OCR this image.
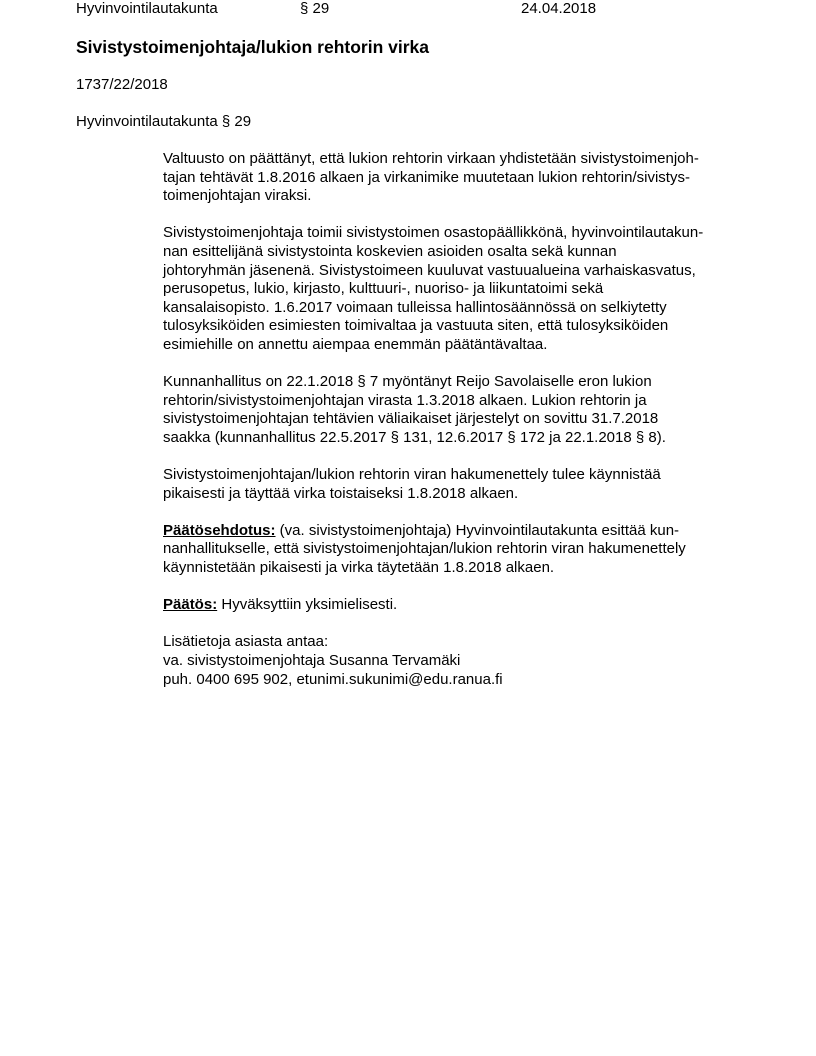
Hyvinvointilautakunta	§ 29	24.04.2018
Sivistystoimenjohtaja/lukion rehtorin virka
1737/22/2018
Hyvinvointilautakunta § 29

Valtuusto on päättänyt, että lukion rehtorin virkaan yhdistetään sivistystoimenjoh-
tajan tehtävät 1.8.2016 alkaen ja virkanimike muutetaan lukion rehtorin/sivistys-
toimenjohtajan viraksi.

Sivistystoimenjohtaja toimii sivistystoimen osastopäällikkönä, hyvinvointilautakun-
nan esittelijänä sivistystointa koskevien asioiden osalta sekä kunnan
johtoryhmän jäsenenä. Sivistystoimeen kuuluvat vastuualueina varhaiskasvatus,
perusopetus, lukio, kirjasto, kulttuuri-, nuoriso- ja liikuntatoimi sekä
kansalaisopisto. 1.6.2017 voimaan tulleissa hallintosäännössä on selkiytetty
tulosyksiköiden esimiesten toimivaltaa ja vastuuta siten, että tulosyksiköiden
esimiehille on annettu aiempaa enemmän päätäntävaltaa.

Kunnanhallitus on 22.1.2018 § 7 myöntänyt Reijo Savolaiselle eron lukion
rehtorin/sivistystoimenjohtajan virasta 1.3.2018 alkaen. Lukion rehtorin ja
sivistystoimenjohtajan tehtävien väliaikaiset järjestelyt on sovittu 31.7.2018
saakka (kunnanhallitus 22.5.2017 § 131, 12.6.2017 § 172 ja 22.1.2018 § 8).

Sivistystoimenjohtajan/lukion rehtorin viran hakumenettely tulee käynnistää
pikaisesti ja täyttää virka toistaiseksi 1.8.2018 alkaen.

Päätösehdotus: (va. sivistystoimenjohtaja) Hyvinvointilautakunta esittää kun-
nanhallitukselle, että sivistystoimenjohtajan/lukion rehtorin viran hakumenettely
käynnistetään pikaisesti ja virka täytetään 1.8.2018 alkaen.

Päätös: Hyväksyttiin yksimielisesti.

Lisätietoja asiasta antaa:
va. sivistystoimenjohtaja Susanna Tervamäki
puh. 0400 695 902, etunimi.sukunimi@edu.ranua.fi
